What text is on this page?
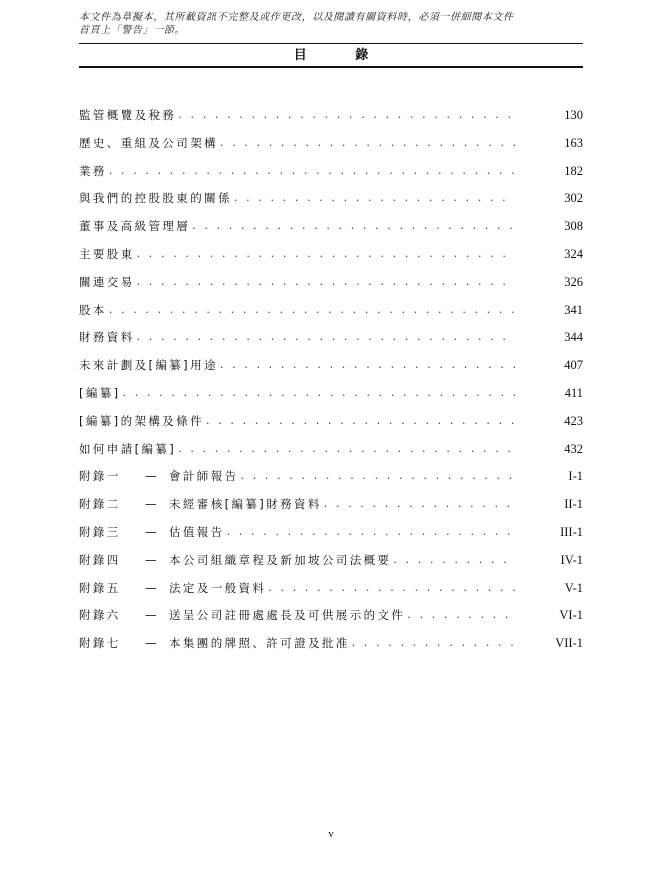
本文件為草擬本，其所載資訊不完整及或作更改，以及閱讀有關資料時，必須一併細閱本文件
首頁上「警告」一節。
目 錄
監管概覽及稅務 . . .	130
歷史、重組及公司架構 . . .	163
業務 . . .	182
與我們的控股股東的關係 . . .	302
董事及高級管理層 . . .	308
主要股東 . . .	324
關連交易 . . .	326
股本 . . .	341
財務資料 . . .	344
未來計劃及[編纂]用途 . . .	407
[編纂] . . .	411
[編纂]的架構及條件 . . .	423
如何申請[編纂] . . .	432
附錄一 — 會計師報告 . . .	I-1
附錄二 — 未經審核[編纂]財務資料 . . .	II-1
附錄三 — 估值報告 . . .	III-1
附錄四 — 本公司組織章程及新加坡公司法概要 . . .	IV-1
附錄五 — 法定及一般資料 . . .	V-1
附錄六 — 送呈公司註冊處處長及可供展示的文件 . . .	VI-1
附錄七 — 本集團的牌照、許可證及批准 . . .	VII-1
v
